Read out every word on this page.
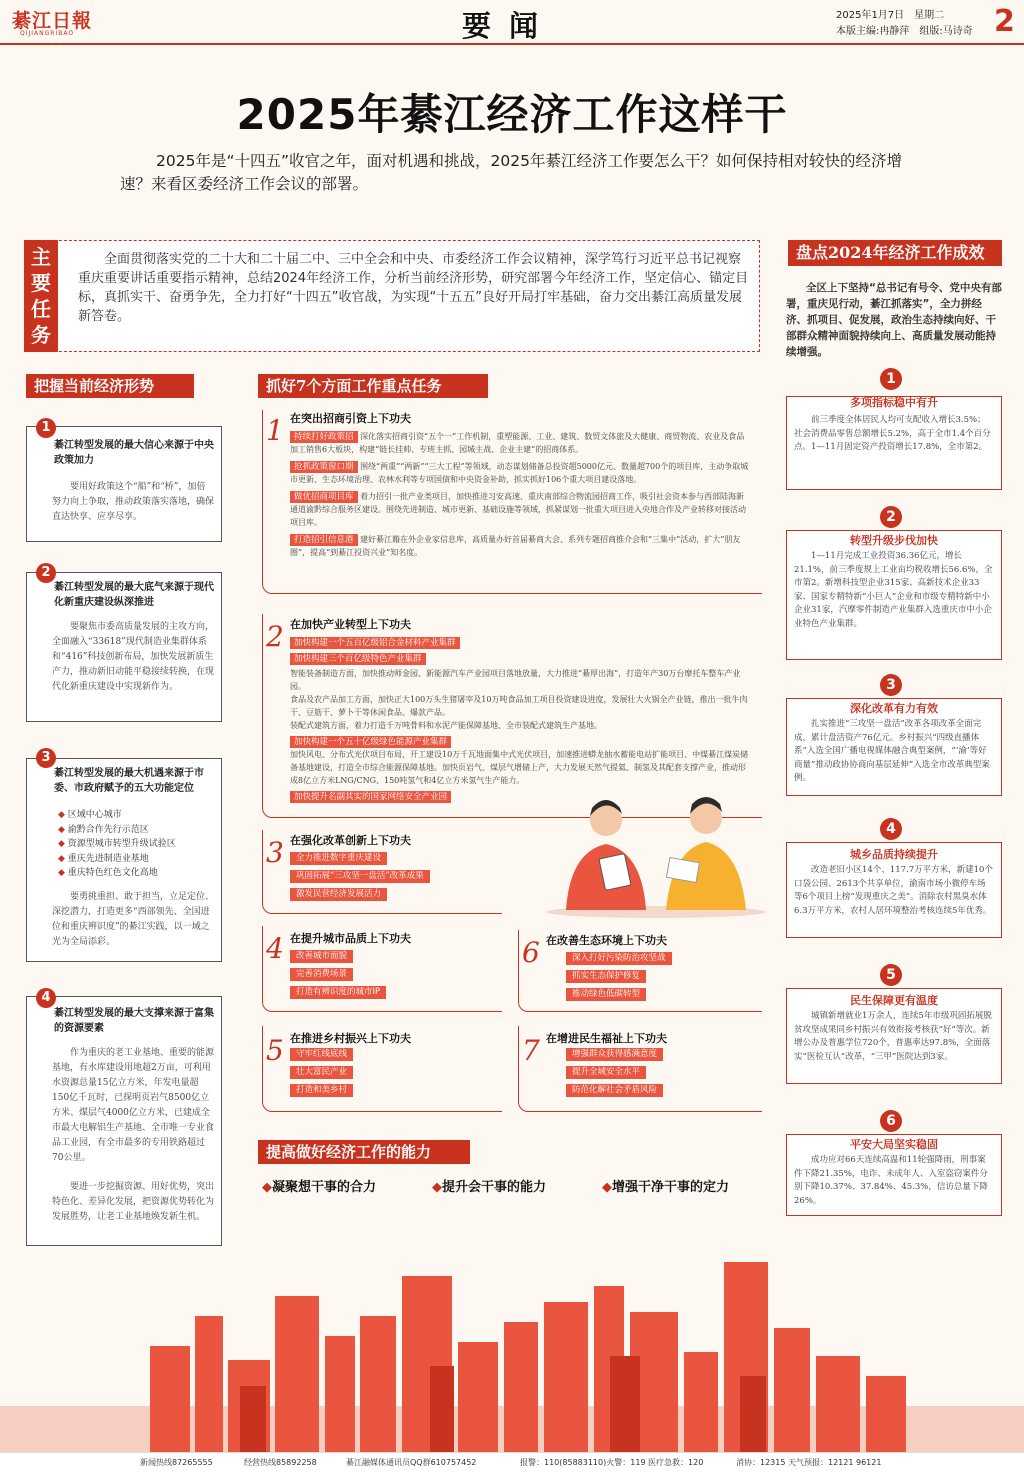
綦江日報
QIJIANGRIBAO	要闻	2025年1月7日　星期二
本版主编:冉静萍　组版:马诗奇 2
2025年綦江经济工作这样干
2025年是“十四五”收官之年，面对机遇和挑战，2025年綦江经济工作要怎么干？如何保持相对较快的经济增速？来看区委经济工作会议的部署。
主要任务
全面贯彻落实党的二十大和二十届二中、三中全会和中央、市委经济工作会议精神，深学笃行习近平总书记视察重庆重要讲话重要指示精神，总结2024年经济工作，分析当前经济形势，研究部署今年经济工作，坚定信心、锚定目标，真抓实干、奋勇争先，全力打好“十四五”收官战，为实现“十五五”良好开局打牢基础，奋力交出綦江高质量发展新答卷。
把握当前经济形势
1
綦江转型发展的最大信心来源于中央政策加力
要用好政策这个“船”和“桥”，加倍努力向上争取，推动政策落实落地，确保直达快享、应享尽享。
2
綦江转型发展的最大底气来源于现代化新重庆建设纵深推进
要聚焦市委高质量发展的主攻方向，全面融入“33618”现代制造业集群体系和“416”科技创新布局，加快发展新质生产力，推动新旧动能平稳接续转换，在现代化新重庆建设中实现新作为。
3
綦江转型发展的最大机遇来源于市委、市政府赋予的五大功能定位
◆ 区域中心城市
◆ 渝黔合作先行示范区
◆ 资源型城市转型升级试验区
◆ 重庆先进制造业基地
◆ 重庆特色红色文化高地
要勇挑重担、敢于担当，立足定位、深挖潜力，打造更多“西部领先、全国进位和重庆辨识度”的綦江实践，以一域之光为全局添彩。
4
綦江转型发展的最大支撑来源于富集的资源要素
作为重庆的老工业基地、重要的能源基地，有水库建设用地超2万亩，可利用水资源总量15亿立方米，年发电量超150亿千瓦时，已探明页岩气8500亿立方米、煤层气4000亿立方米，已建成全市最大电解铝生产基地、全市唯一专业食品工业园，有全市最多的专用铁路超过70公里。
要进一步挖掘资源、用好优势，突出特色化、差异化发展，把资源优势转化为发展胜势，让老工业基地焕发新生机。
抓好7个方面工作重点任务
1 在突出招商引资上下功夫
持续打好政策招 深化落实招商引资“五个一”工作机制，重塑能源、工业、建筑、数贸文体旅及大健康、商贸物流、农业及食品加工销售6大板块，构建“链长挂帅、专班主抓、园城主战、企业主建”的招商体系。
抢抓政策窗口期 围绕“两重”“两新”“三大工程”等领域，动态谋划储备总投资超5000亿元、数量超700个的项目库，主动争取城市更新、生态环境治理、农林水利等专项国债和中央资金补助，抓实抓好106个重大项目建设落地。
做优招商项目库 着力招引一批产业类项目，加快推进习安高速、重庆南部综合物流园招商工作，吸引社会资本参与西部陆海新通道渝黔综合服务区建设。围绕先进制造、城市更新、基础设施等领域，抓紧谋划一批重大项目进入央地合作及产业转移对接活动项目库。
打造招引信息港 建好綦江籍在外企业家信息库，高质量办好首届綦商大会、系列专题招商推介会和“三集中”活动，扩大“朋友圈”，提高“到綦江投资兴业”知名度。
2 在加快产业转型上下功夫
加快构建一个五百亿级铝合金材料产业集群
加快构建三个百亿级特色产业集群
智能装备制造方面，加快推动师金园、新能源汽车产业园项目落地放量，大力推进“綦厚出海”，打造年产30万台摩托车整车产业园。
食品及农产品加工方面，加快正大100万头生猪屠宰及10万吨食品加工项目投资建设进度，发展壮大火锅全产业链，推出一批牛肉干、豆筋干、萝卜干等休闲食品、爆款产品。
装配式建筑方面，着力打造千万吨骨料和水泥产能保障基地、全市装配式建筑生产基地。
加快构建一个五十亿级绿色能源产业集群
加快风电、分布式光伏项目布局，开工建设10万千瓦地面集中式光伏项目，加速推进蟒龙抽水蓄能电站扩能项目、中煤綦江煤炭储备基地建设，打造全市综合能源保障基地。加快页岩气、煤层气增储上产，大力发展天然气提氦、制氢及其配套支撑产业，推动形成8亿立方米LNG/CNG、150吨氢气和4亿立方米氢气生产能力。
加快提升名副其实的国家网络安全产业园
3 在强化改革创新上下功夫
全力推进数字重庆建设
巩固拓展“三攻坚一盘活”改革成果
激发民营经济发展活力
4 在提升城市品质上下功夫
改善城市面貌
完善消费场景
打造有辨识度的城市IP
5 在推进乡村振兴上下功夫
守牢红线底线
壮大富民产业
打造和美乡村
6 在改善生态环境上下功夫
深入打好污染防治攻坚战
抓实生态保护修复
推动绿色低碳转型
7 在增进民生福祉上下功夫
增强群众获得感满意度
提升全域安全水平
防范化解社会矛盾风险
提高做好经济工作的能力
◆凝聚想干事的合力	◆提升会干事的能力	◆增强干净干事的定力
盘点2024年经济工作成效
全区上下坚持“总书记有号令、党中央有部署，重庆见行动，綦江抓落实”，全力拼经济、抓项目、促发展，政治生态持续向好、干部群众精神面貌持续向上、高质量发展动能持续增强。
1
多项指标稳中有升
前三季度全体居民人均可支配收入增长3.5%；社会消费品零售总额增长5.2%，高于全市1.4个百分点。1—11月固定资产投资增长17.8%，全市第2。
2
转型升级步伐加快
1—11月完成工业投资36.36亿元，增长21.1%，前三季度规上工业亩均税收增长56.6%，全市第2。新增科技型企业315家、高新技术企业33家、国家专精特新“小巨人”企业和市级专精特新中小企业31家，汽摩零件制造产业集群入选重庆市中小企业特色产业集群。
3
深化改革有力有效
扎实推进“三攻坚一盘活”改革各项改革全面完成，累计盘活资产76亿元。乡村振兴“四级直播体系”入选全国广播电视媒体融合典型案例，“‘渝’等好商量”推动政协协商向基层延伸”入选全市改革典型案例。
4
城乡品质持续提升
改造老旧小区14个、117.7万平方米，新建10个口袋公园、2613个共享单位，渝南市场小微停车场等6个项目上榜“发现重庆之美”。消除农村黑臭水体6.3万平方米，农村人居环境整治考核连续5年优秀。
5
民生保障更有温度
城镇新增就业1万余人，连续5年市级巩固拓展脱贫攻坚成果同乡村振兴有效衔接考核获“好”等次。新增公办及普惠学位720个，普惠率达97.8%，全面落实“医检互认”改革，“三甲”医院达到3家。
6
平安大局坚实稳固
成功应对66天连续高温和11轮强降雨，刑事案件下降21.35%，电诈、未成年人、入室盗窃案件分别下降10.37%、37.84%、45.3%，信访总量下降26%。
新闻热线87265555	经营热线85892258	綦江融媒体通讯员QQ群610757452	报警：110(85883110)火警：119 医疗急救：120	消协：12315 天气预报：12121 96121
